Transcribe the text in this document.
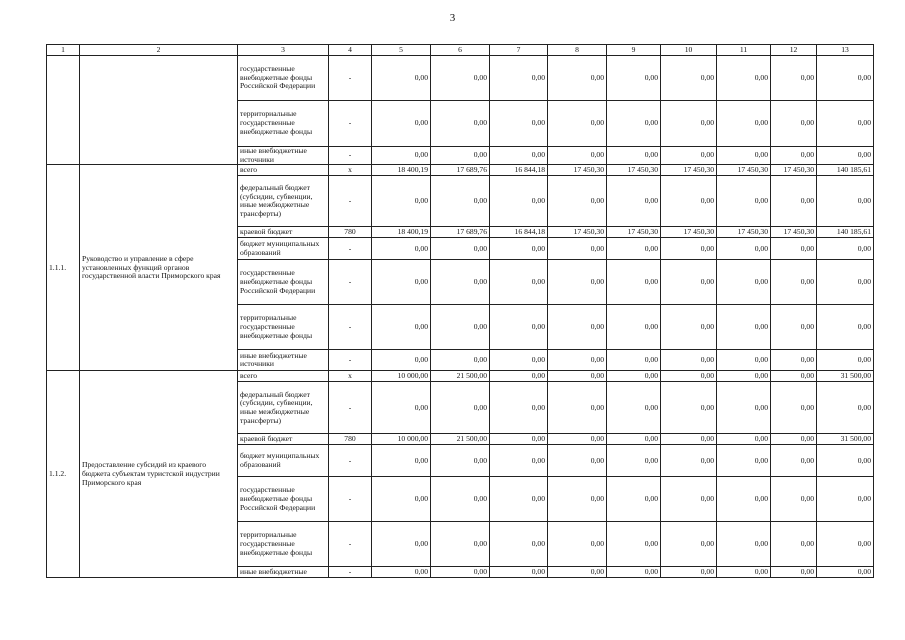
3
1	2	3	4	5	6	7	8	9	10	11	12	13
		государственные внебюджетные фонды Российской Федерации	-	0,00	0,00	0,00	0,00	0,00	0,00	0,00	0,00	0,00
		территориальные государственные внебюджетные фонды	-	0,00	0,00	0,00	0,00	0,00	0,00	0,00	0,00	0,00
		иные внебюджетные источники	-	0,00	0,00	0,00	0,00	0,00	0,00	0,00	0,00	0,00
1.1.1.	Руководство и управление в сфере установленных функций органов государственной власти Приморского края	всего	x	18 400,19	17 689,76	16 844,18	17 450,30	17 450,30	17 450,30	17 450,30	17 450,30	140 185,61
		федеральный бюджет (субсидии, субвенции, иные межбюджетные трансферты)	-	0,00	0,00	0,00	0,00	0,00	0,00	0,00	0,00	0,00
		краевой бюджет	780	18 400,19	17 689,76	16 844,18	17 450,30	17 450,30	17 450,30	17 450,30	17 450,30	140 185,61
		бюджет муниципальных образований	-	0,00	0,00	0,00	0,00	0,00	0,00	0,00	0,00	0,00
		государственные внебюджетные фонды Российской Федерации	-	0,00	0,00	0,00	0,00	0,00	0,00	0,00	0,00	0,00
		территориальные государственные внебюджетные фонды	-	0,00	0,00	0,00	0,00	0,00	0,00	0,00	0,00	0,00
		иные внебюджетные источники	-	0,00	0,00	0,00	0,00	0,00	0,00	0,00	0,00	0,00
1.1.2.	Предоставление субсидий из краевого бюджета субъектам туристской индустрии Приморского края	всего	x	10 000,00	21 500,00	0,00	0,00	0,00	0,00	0,00	0,00	31 500,00
		федеральный бюджет (субсидии, субвенции, иные межбюджетные трансферты)	-	0,00	0,00	0,00	0,00	0,00	0,00	0,00	0,00	0,00
		краевой бюджет	780	10 000,00	21 500,00	0,00	0,00	0,00	0,00	0,00	0,00	31 500,00
		бюджет муниципальных образований	-	0,00	0,00	0,00	0,00	0,00	0,00	0,00	0,00	0,00
		государственные внебюджетные фонды Российской Федерации	-	0,00	0,00	0,00	0,00	0,00	0,00	0,00	0,00	0,00
		территориальные государственные внебюджетные фонды	-	0,00	0,00	0,00	0,00	0,00	0,00	0,00	0,00	0,00
		иные внебюджетные	-	0,00	0,00	0,00	0,00	0,00	0,00	0,00	0,00	0,00
